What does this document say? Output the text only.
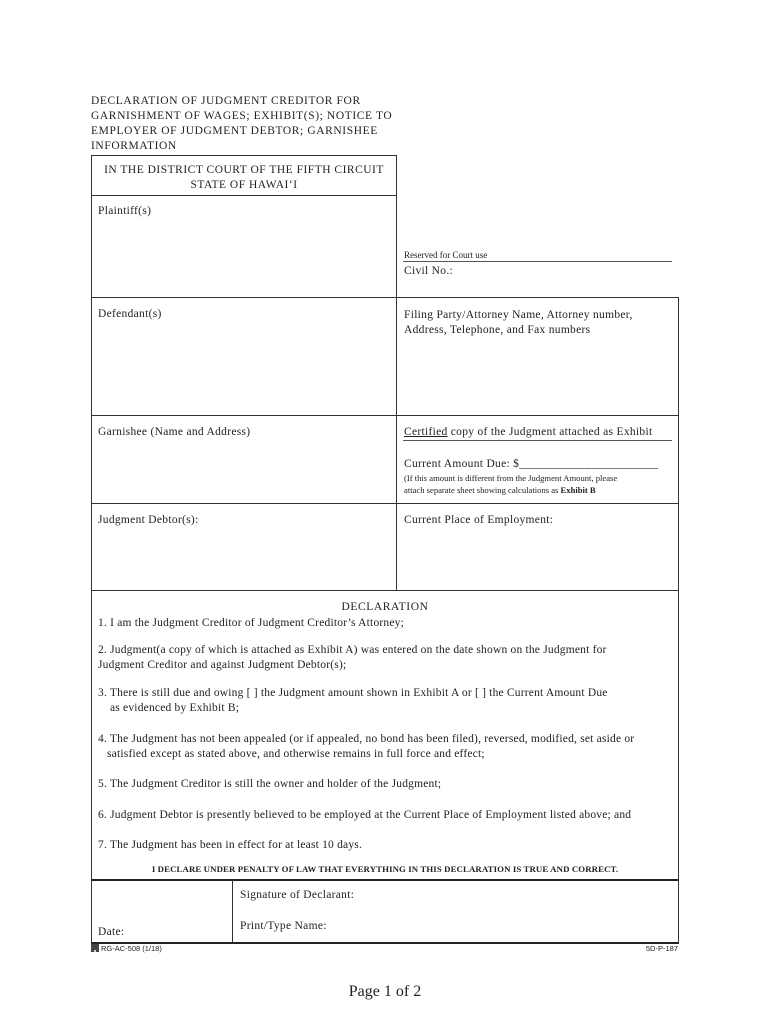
DECLARATION OF JUDGMENT CREDITOR FOR
GARNISHMENT OF WAGES; EXHIBIT(S); NOTICE TO
EMPLOYER OF JUDGMENT DEBTOR; GARNISHEE
INFORMATION
IN THE DISTRICT COURT OF THE FIFTH CIRCUIT
STATE OF HAWAI‘I
Plaintiff(s)
Reserved for Court use
Civil No.:
Defendant(s)	Filing Party/Attorney Name, Attorney number,
Address, Telephone, and Fax numbers
Garnishee (Name and Address)	Certified copy of the Judgment attached as Exhibit
Current Amount Due: $_______________________
(If this amount is different from the Judgment Amount, please
attach separate sheet showing calculations as Exhibit B
Judgment Debtor(s):	Current Place of Employment:
DECLARATION
1. I am the Judgment Creditor of Judgment Creditor’s Attorney;
2. Judgment(a copy of which is attached as Exhibit A) was entered on the date shown on the Judgment for
Judgment Creditor and against Judgment Debtor(s);
3. There is still due and owing [ ] the Judgment amount shown in Exhibit A or [ ] the Current Amount Due
as evidenced by Exhibit B;
4. The Judgment has not been appealed (or if appealed, no bond has been filed), reversed, modified, set aside or
satisfied except as stated above, and otherwise remains in full force and effect;
5. The Judgment Creditor is still the owner and holder of the Judgment;
6. Judgment Debtor is presently believed to be employed at the Current Place of Employment listed above; and
7. The Judgment has been in effect for at least 10 days.
I DECLARE UNDER PENALTY OF LAW THAT EVERYTHING IN THIS DECLARATION IS TRUE AND CORRECT.
Signature of Declarant:
Print/Type Name:
Date:
RG-AC-508 (1/18)	5D-P-187
Page 1 of 2
